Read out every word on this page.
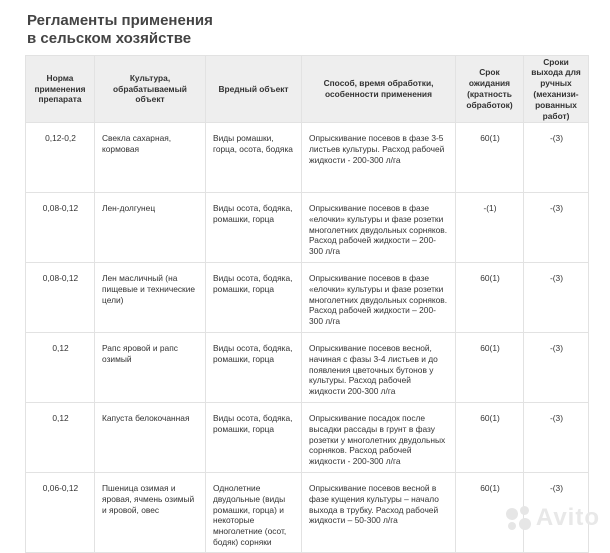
Регламенты применения
в сельском хозяйстве
Норма применения препарата	Культура, обрабатываемый объект	Вредный объект	Способ, время обработки, особенности применения	Срок ожидания (кратность обработок)	Сроки выхода для ручных (механизи-рованных работ)
0,12-0,2	Свекла сахарная, кормовая	Виды ромашки, горца, осота, бодяка	Опрыскивание посевов в фазе 3-5 листьев культуры. Расход рабочей жидкости - 200-300 л/га	60(1)	-(3)
0,08-0,12	Лен-долгунец	Виды осота, бодяка, ромашки, горца	Опрыскивание посевов в фазе «елочки» культуры и фазе розетки многолетних двудольных сорняков. Расход рабочей жидкости – 200-300 л/га	-(1)	-(3)
0,08-0,12	Лен масличный (на пищевые и технические цели)	Виды осота, бодяка, ромашки, горца	Опрыскивание посевов в фазе «елочки» культуры и фазе розетки многолетних двудольных сорняков. Расход рабочей жидкости – 200-300 л/га	60(1)	-(3)
0,12	Рапс яровой и рапс озимый	Виды осота, бодяка, ромашки, горца	Опрыскивание посевов весной, начиная с фазы 3-4 листьев и до появления цветочных бутонов у культуры. Расход рабочей жидкости 200-300 л/га	60(1)	-(3)
0,12	Капуста белокочанная	Виды осота, бодяка, ромашки, горца	Опрыскивание посадок после высадки рассады в грунт в фазу розетки у многолетних двудольных сорняков. Расход рабочей жидкости - 200-300 л/га	60(1)	-(3)
0,06-0,12	Пшеница озимая и яровая, ячмень озимый и яровой, овес	Однолетние двудольные (виды ромашки, горца) и некоторые многолетние (осот, бодяк) сорняки	Опрыскивание посевов весной в фазе кущения культуры – начало выхода в трубку. Расход рабочей жидкости – 50-300 л/га	60(1)	-(3)
Avito
